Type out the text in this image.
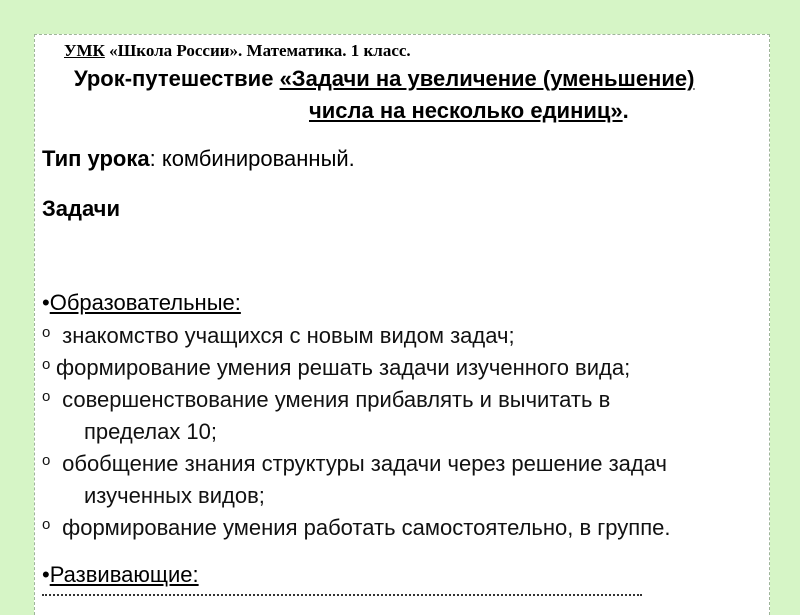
УМК «Школа России». Математика. 1 класс.
Урок-путешествие «Задачи на увеличение (уменьшение)
числа на несколько единиц».
Тип урока: комбинированный.
Задачи
•Образовательные:
o знакомство учащихся с новым видом задач;
o формирование умения решать задачи изученного вида;
o совершенствование умения прибавлять и вычитать в
пределах 10;
o обобщение знания структуры задачи через решение задач
изученных видов;
o формирование умения работать самостоятельно, в группе.
•Развивающие:
